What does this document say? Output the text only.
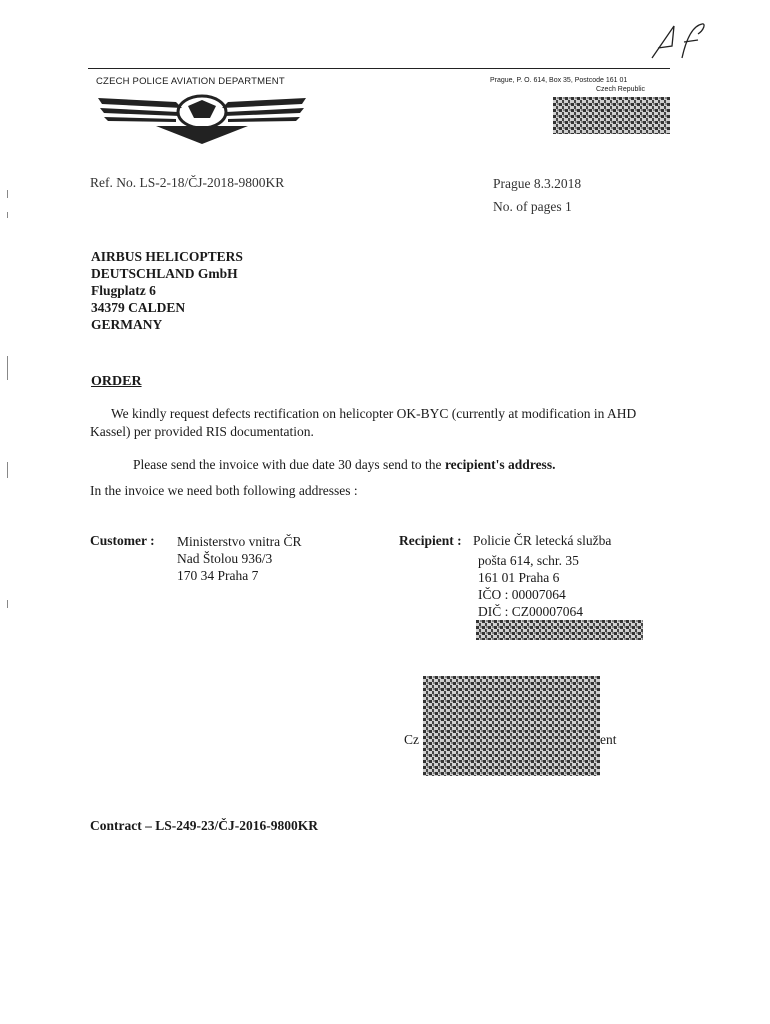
CZECH POLICE AVIATION DEPARTMENT	Prague, P. O. 614, Box 35, Postcode 161 01
Czech Republic
Ref. No. LS-2-18/ČJ-2018-9800KR	Prague 8.3.2018
No. of pages 1
AIRBUS HELICOPTERS
DEUTSCHLAND GmbH
Flugplatz 6
34379 CALDEN
GERMANY
ORDER
We kindly request defects rectification on helicopter OK-BYC (currently at modification in AHD Kassel) per provided RIS documentation.
Please send the invoice with due date 30 days send to the recipient's address.
In the invoice we need both following addresses :
Customer : Ministerstvo vnitra ČR
Nad Štolou 936/3
170 34 Praha 7
Recipient : Policie ČR letecká služba
pošta 614, schr. 35
161 01 Praha 6
IČO : 00007064
DIČ : CZ00007064
Cz	ent
Contract – LS-249-23/ČJ-2016-9800KR
